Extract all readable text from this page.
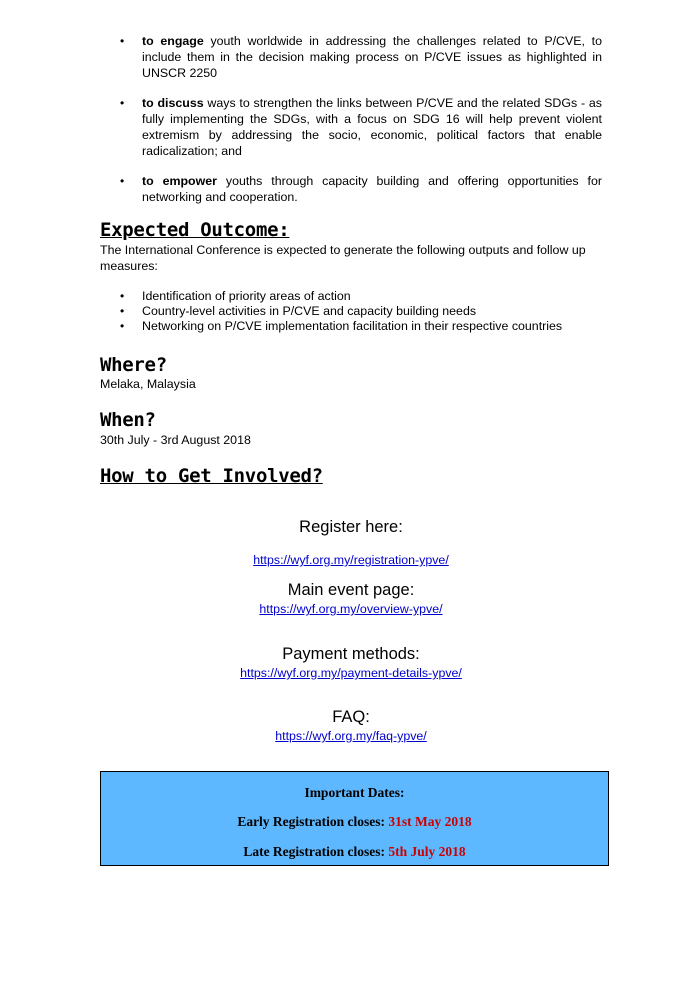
• to engage youth worldwide in addressing the challenges related to P/CVE, to include them in the decision making process on P/CVE issues as highlighted in UNSCR 2250
• to discuss ways to strengthen the links between P/CVE and the related SDGs - as fully implementing the SDGs, with a focus on SDG 16 will help prevent violent extremism by addressing the socio, economic, political factors that enable radicalization; and
• to empower youths through capacity building and offering opportunities for networking and cooperation.
Expected Outcome:
The International Conference is expected to generate the following outputs and follow up measures:
• Identification of priority areas of action
• Country-level activities in P/CVE and capacity building needs
• Networking on P/CVE implementation facilitation in their respective countries
Where?
Melaka, Malaysia
When?
30th July - 3rd August 2018
How to Get Involved?
Register here:
https://wyf.org.my/registration-ypve/
Main event page:
https://wyf.org.my/overview-ypve/
Payment methods:
https://wyf.org.my/payment-details-ypve/
FAQ:
https://wyf.org.my/faq-ypve/
Important Dates:
Early Registration closes: 31st May 2018
Late Registration closes: 5th July 2018
